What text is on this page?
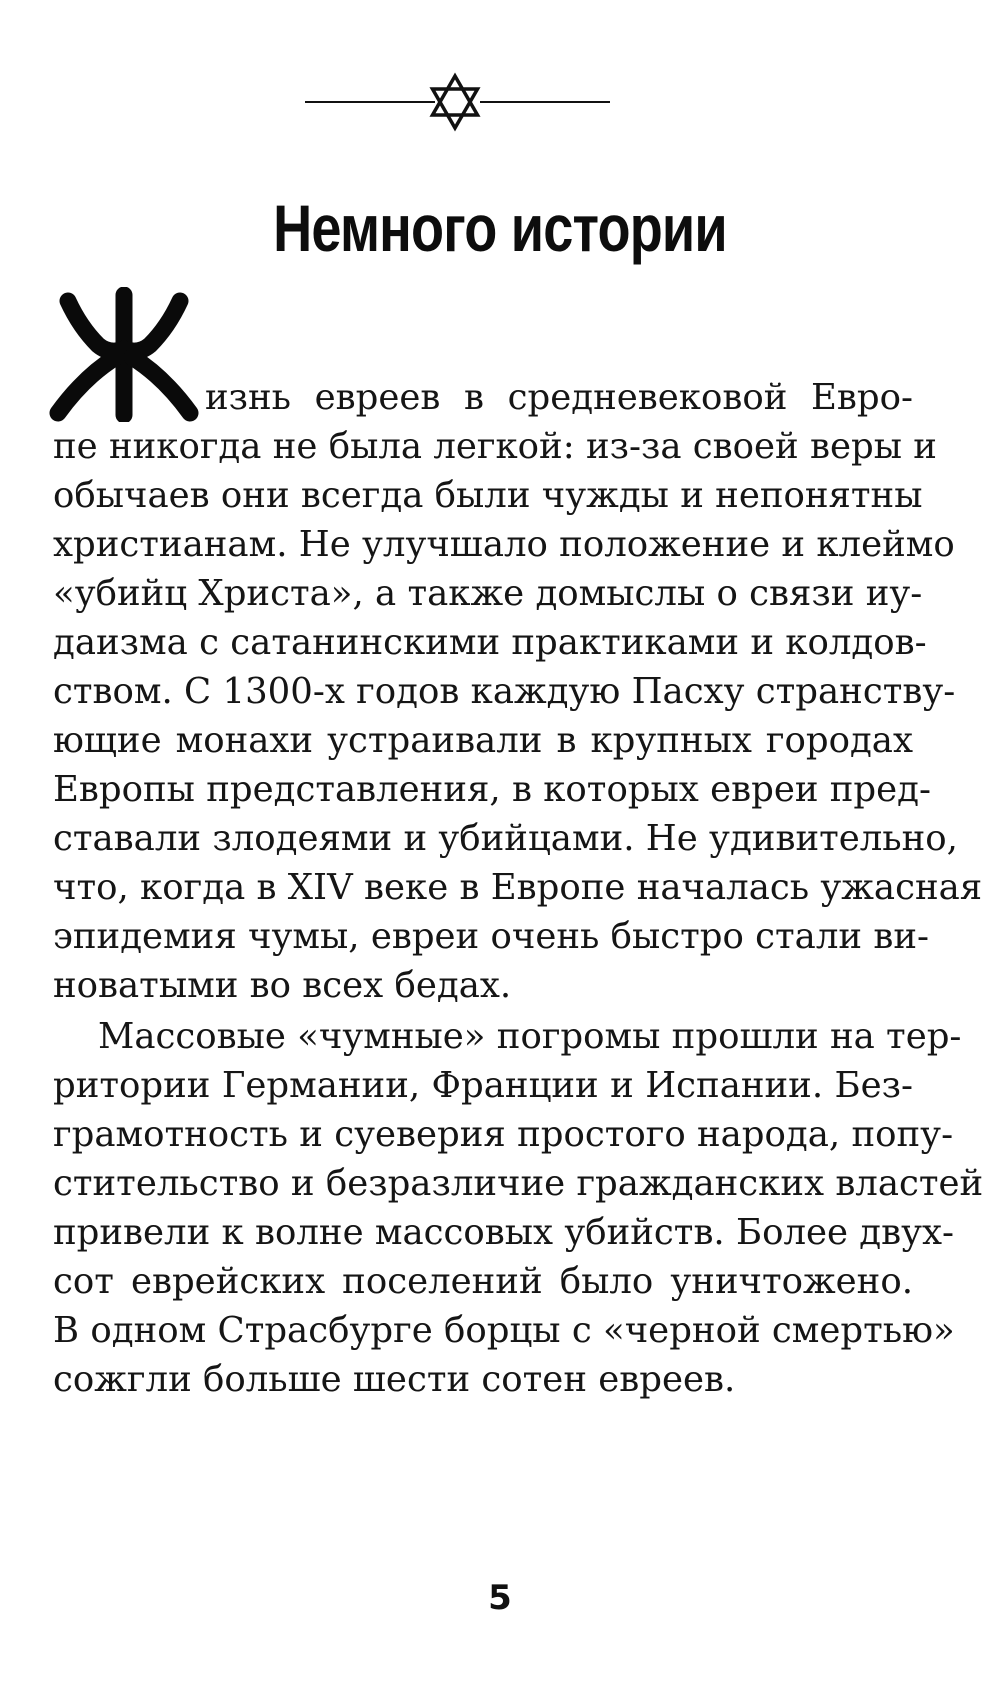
Немного истории

изнь евреев в средневековой Евро-

пе никогда не была легкой: из-за своей веры и

обычаев они всегда были чужды и непонятны

христианам. Не улучшало положение и клеймо

«убийц Христа», а также домыслы о связи иу-

даизма с сатанинскими практиками и колдов-

ством. С 1300-х годов каждую Пасху странству-

ющие монахи устраивали в крупных городах

Европы представления, в которых евреи пред-

ставали злодеями и убийцами. Не удивительно,

что, когда в XIV веке в Европе началась ужасная

эпидемия чумы, евреи очень быстро стали ви-

новатыми во всех бедах.

Массовые «чумные» погромы прошли на тер-

ритории Германии, Франции и Испании. Без-

грамотность и суеверия простого народа, попу-

стительство и безразличие гражданских властей

привели к волне массовых убийств. Более двух-

сот еврейских поселений было уничтожено.

В одном Страсбурге борцы с «черной смертью»

сожгли больше шести сотен евреев.

5
